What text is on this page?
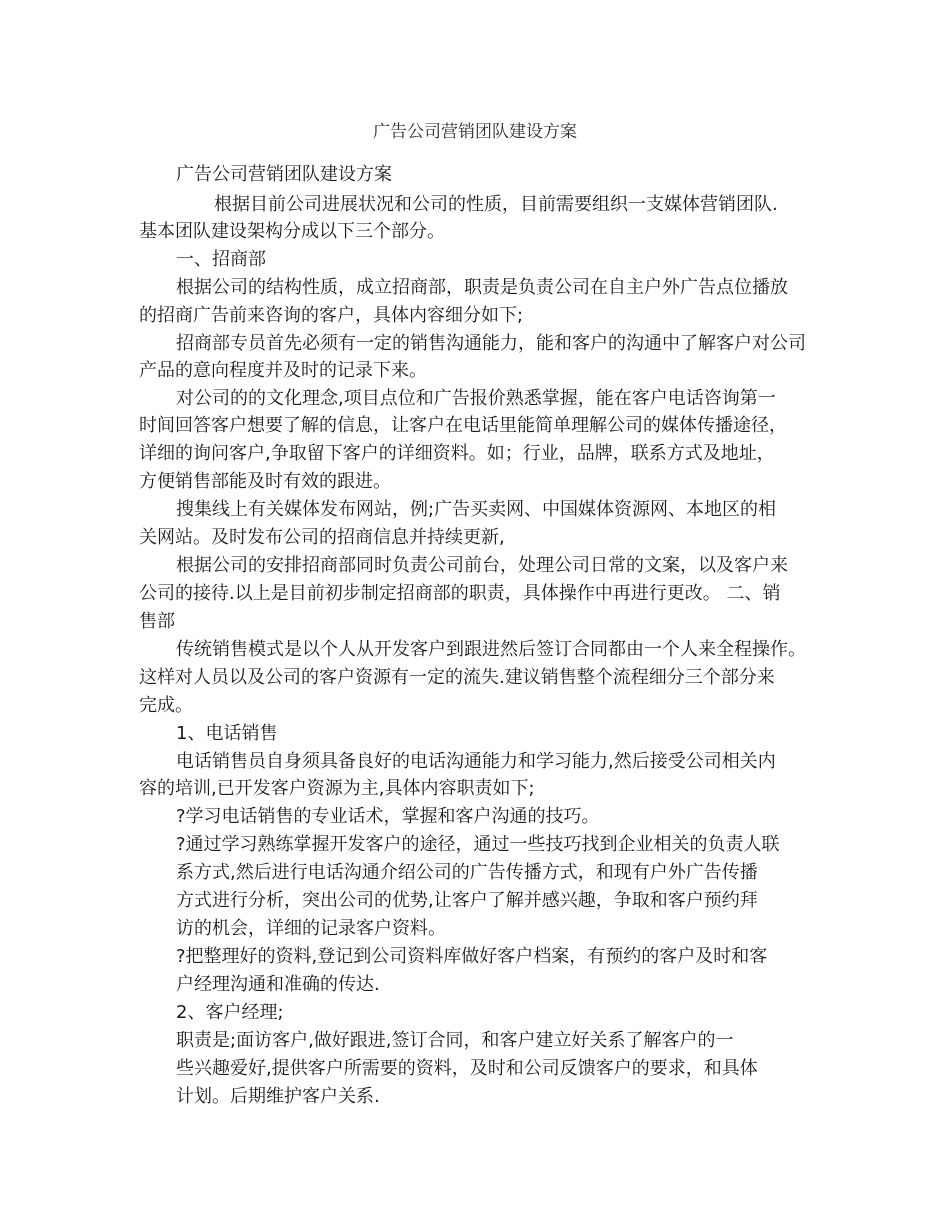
广告公司营销团队建设方案
广告公司营销团队建设方案
根据目前公司进展状况和公司的性质，目前需要组织一支媒体营销团队.
基本团队建设架构分成以下三个部分。
一、招商部
根据公司的结构性质，成立招商部，职责是负责公司在自主户外广告点位播放
的招商广告前来咨询的客户，具体内容细分如下;
招商部专员首先必须有一定的销售沟通能力，能和客户的沟通中了解客户对公司
产品的意向程度并及时的记录下来。
对公司的的文化理念,项目点位和广告报价熟悉掌握，能在客户电话咨询第一
时间回答客户想要了解的信息，让客户在电话里能简单理解公司的媒体传播途径，
详细的询问客户,争取留下客户的详细资料。如；行业，品牌，联系方式及地址，
方便销售部能及时有效的跟进。
搜集线上有关媒体发布网站，例;广告买卖网、中国媒体资源网、本地区的相
关网站。及时发布公司的招商信息并持续更新,
根据公司的安排招商部同时负责公司前台，处理公司日常的文案，以及客户来
公司的接待.以上是目前初步制定招商部的职责，具体操作中再进行更改。 二、销
售部
传统销售模式是以个人从开发客户到跟进然后签订合同都由一个人来全程操作。
这样对人员以及公司的客户资源有一定的流失.建议销售整个流程细分三个部分来
完成。
1、电话销售
电话销售员自身须具备良好的电话沟通能力和学习能力,然后接受公司相关内
容的培训,已开发客户资源为主,具体内容职责如下;
?学习电话销售的专业话术，掌握和客户沟通的技巧。
?通过学习熟练掌握开发客户的途径，通过一些技巧找到企业相关的负责人联
系方式,然后进行电话沟通介绍公司的广告传播方式，和现有户外广告传播
方式进行分析，突出公司的优势,让客户了解并感兴趣，争取和客户预约拜
访的机会，详细的记录客户资料。
?把整理好的资料,登记到公司资料库做好客户档案，有预约的客户及时和客
户经理沟通和准确的传达.
2、客户经理;
职责是;面访客户,做好跟进,签订合同，和客户建立好关系了解客户的一
些兴趣爱好,提供客户所需要的资料，及时和公司反馈客户的要求，和具体
计划。后期维护客户关系.
